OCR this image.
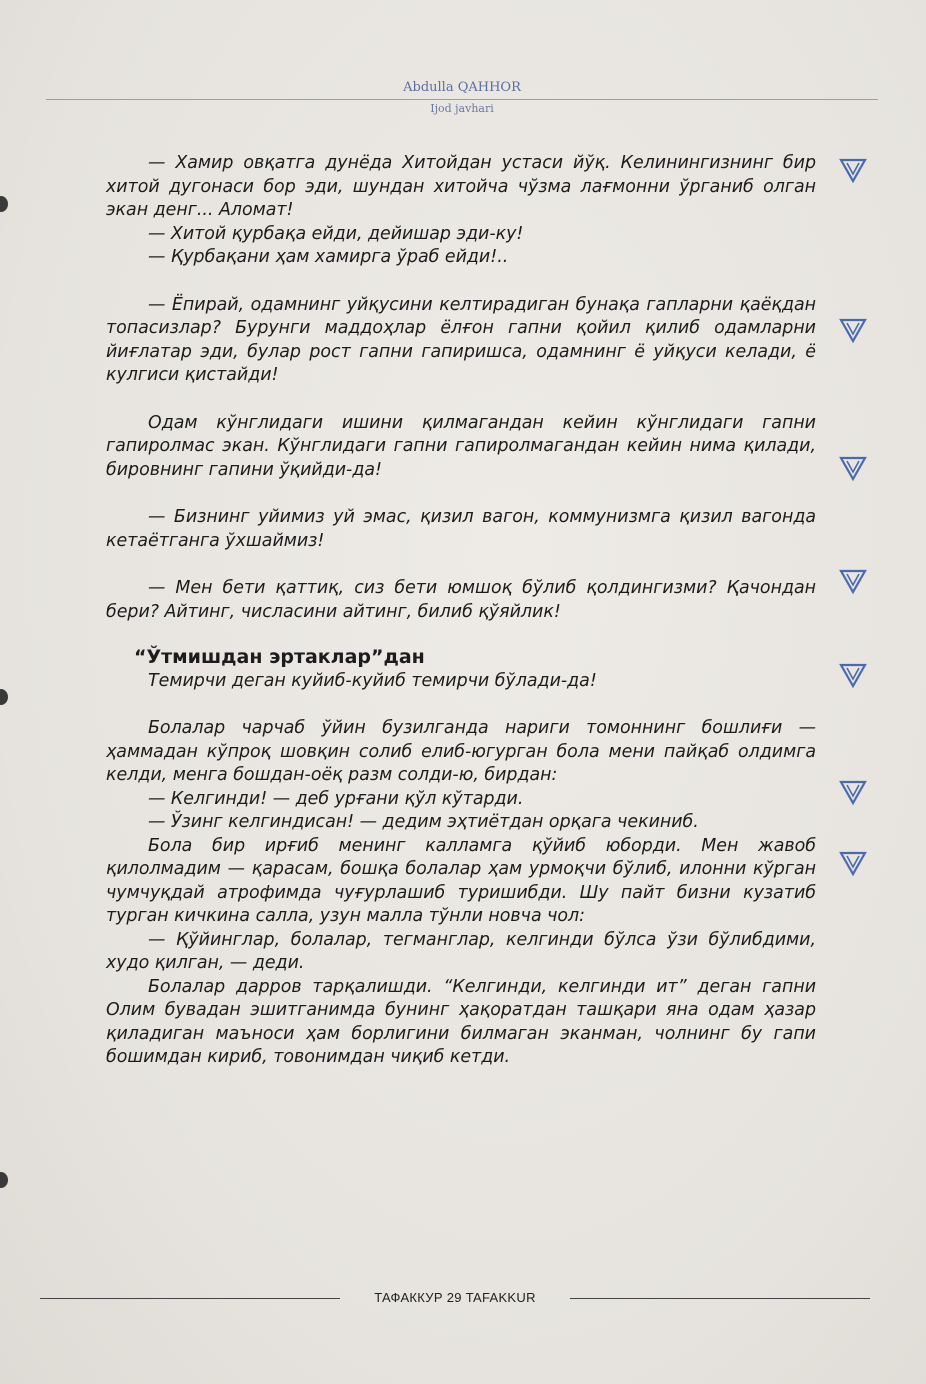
Abdulla QAHHOR
Ijod javhari

— Хамир овқатга дунёда Хитойдан устаси йўқ. Келинингизнинг бир хитой дугонаси бор эди, шундан хитойча чўзма лағмонни ўрганиб олган экан денг... Аломат!

— Хитой қурбақа ейди, дейишар эди-ку!

— Қурбақани ҳам хамирга ўраб ейди!..

— Ёпирай, одамнинг уйқусини келтирадиган бунақа гапларни қаёқдан топасизлар? Бурунги маддоҳлар ёлғон гапни қойил қилиб одамларни йиғлатар эди, булар рост гапни гапиришса, одамнинг ё уйқуси келади, ё кулгиси қистайди!

Одам кўнглидаги ишини қилмагандан кейин кўнглидаги гапни гапиролмас экан. Кўнглидаги гапни гапиролмагандан кейин нима қилади, бировнинг гапини ўқийди-да!

— Бизнинг уйимиз уй эмас, қизил вагон, коммунизмга қизил вагонда кетаётганга ўхшаймиз!

— Мен бети қаттиқ, сиз бети юмшоқ бўлиб қолдингизми? Қачондан бери? Айтинг, числасини айтинг, билиб қўяйлик!

“Ўтмишдан эртаклар”дан

Темирчи деган куйиб-куйиб темирчи бўлади-да!

Болалар чарчаб ўйин бузилганда нариги томоннинг бошлиғи — ҳаммадан кўпроқ шовқин солиб елиб-югурган бола мени пайқаб олдимга келди, менга бошдан-оёқ разм солди-ю, бирдан:

— Келгинди! — деб урғани қўл кўтарди.

— Ўзинг келгиндисан! — дедим эҳтиётдан орқага чекиниб.

Бола бир ирғиб менинг калламга қўйиб юборди. Мен жавоб қилолмадим — қарасам, бошқа болалар ҳам урмоқчи бўлиб, илонни кўрган чумчуқдай атрофимда чуғурлашиб туришибди. Шу пайт бизни кузатиб турган кичкина салла, узун малла тўнли новча чол:

— Қўйинглар, болалар, тегманглар, келгинди бўлса ўзи бўлибдими, худо қилган, — деди.

Болалар дарров тарқалишди. “Келгинди, келгинди ит” деган гапни Олим бувадан эшитганимда бунинг ҳақоратдан ташқари яна одам ҳазар қиладиган маъноси ҳам борлигини билмаган эканман, чолнинг бу гапи бошимдан кириб, товонимдан чиқиб кетди.

ТАФАККУР 29 TAFAKKUR
